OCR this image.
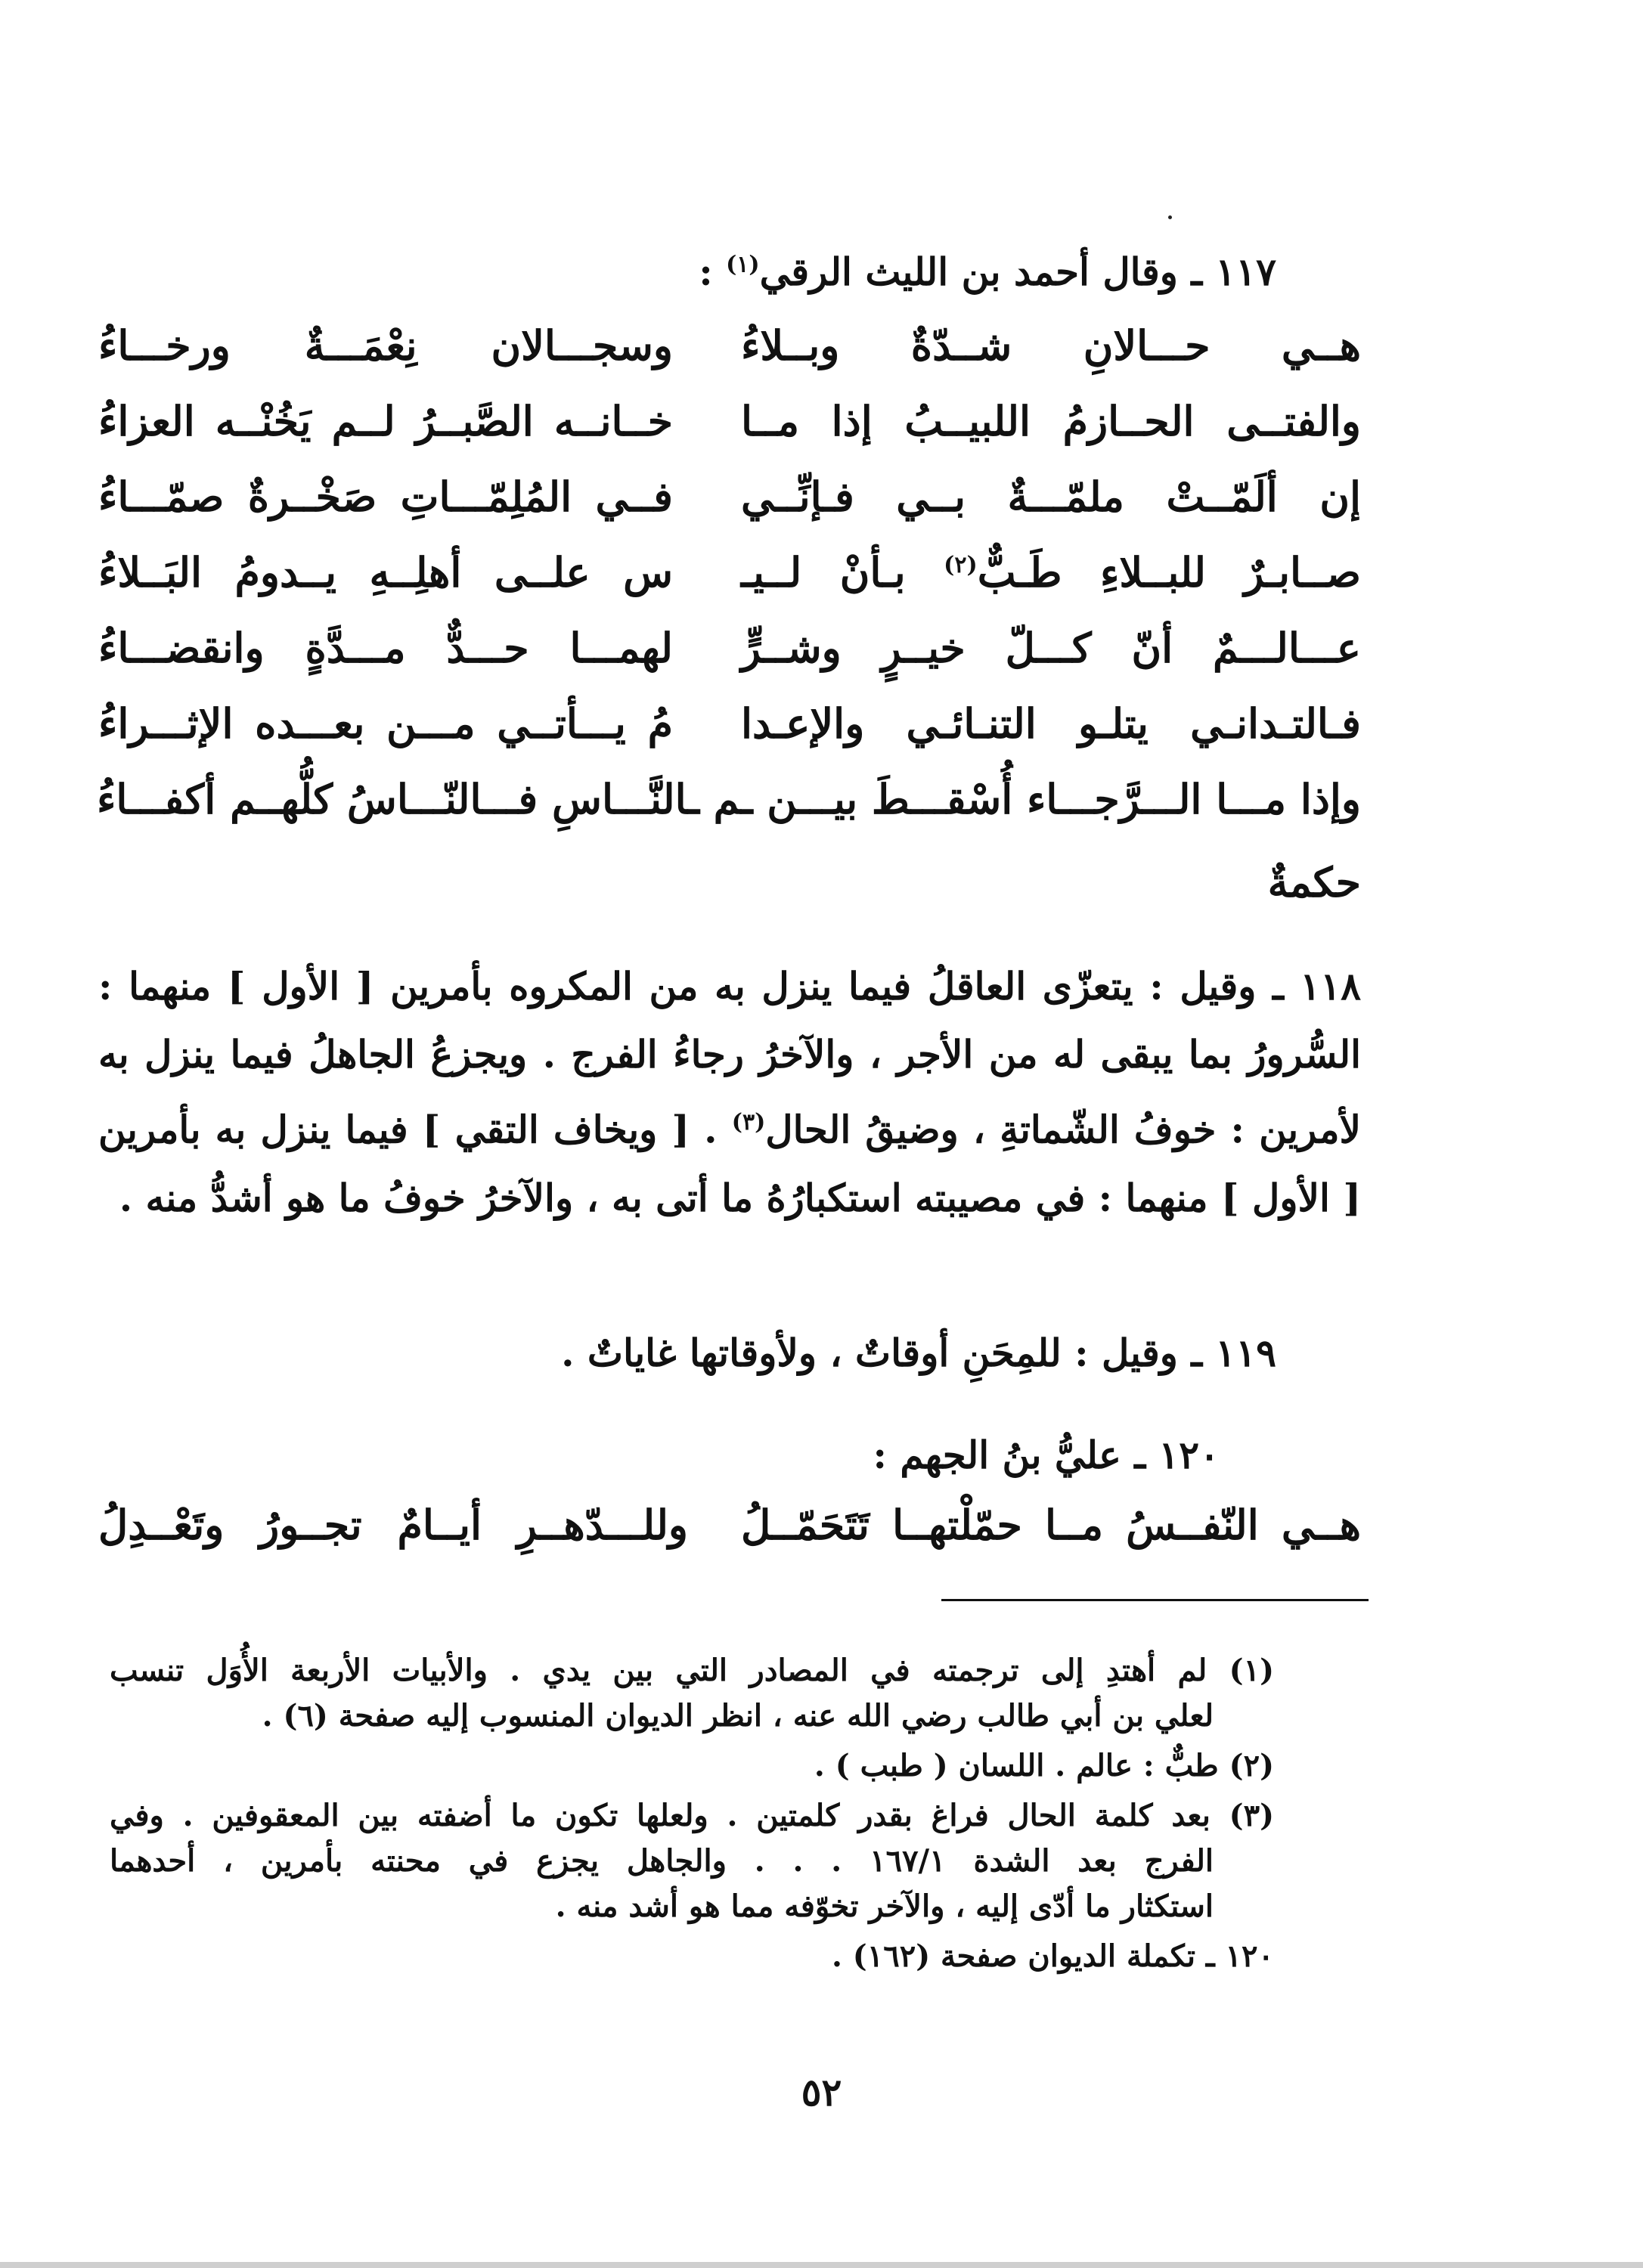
١١٧ ـ وقال أحمد بن الليث الرقي$^{(١)}$ :
هــي حـــالانِ شــدّةٌ وبــلاءُ
وسجـــالان نِعْمَـــةٌ ورخـــاءُ
والفتــى الحــازمُ اللبيــبُ إذا مــا
خــانــه الصَّبــرُ لــم يَخُنْــه العزاءُ
إن ألَمّــتْ ملمّـــةٌ بــي فـإنِّــي
فــي المُلِمّـــاتِ صَخْــرةٌ صمّـــاءُ
صــابـرٌ للبــلاءِ طَـبٌّ$^{(٢)}$ بـأنْ لــيـ
س علــى أهلِــهِ يــدومُ البَــلاءُ
عـــالـــمٌ أنّ كـــلّ خيــرٍ وشــرٍّ
لهمـــا حـــدٌّ مـــدَّةٍ وانقضـــاءُ
فـالتـدانـي يتلـو التنـائـي والإعـدا
مُ يـــأتــي مـــن بعـــده الإثـــراءُ
وإذا مـــا الـــرَّجـــاء أُسْقـــطَ بيـــن ـم ـالنَّـــاسِ فـــالنّـــاسُ كلُّهــم أكفـــاءُ
حكمةٌ
١١٨ ـ وقيل : يتعزّى العاقلُ فيما ينزل به من المكروه بأمرين [ الأول ] منهما : السُّرورُ بما يبقى له من الأجر ، والآخرُ رجاءُ الفرج . ويجزعُ الجاهلُ فيما ينزل به لأمرين : خوفُ الشّماتةِ ، وضيقُ الحال$^{(٣)}$ . [ ويخاف التقي ] فيما ينزل به بأمرين [ الأول ] منهما : في مصيبته استكبارُهُ ما أتى به ، والآخرُ خوفُ ما هو أشدُّ منه .
١١٩ ـ وقيل : للمِحَنِ أوقاتٌ ، ولأوقاتها غاياتٌ .
١٢٠ ـ عليُّ بنُ الجهم :
هــي النّفــسُ مــا حمّلْتهــا تَتَحَمّــلُ
وللـــدّهــرِ أيــامٌ تجــورُ وتَعْــدِلُ
(١) لم أهتدِ إلى ترجمته في المصادر التي بين يدي . والأبيات الأربعة الأُوَل تنسب
لعلي بن أبي طالب رضي الله عنه ، انظر الديوان المنسوب إليه صفحة (٦) .
(٢) طبٌّ : عالم . اللسان ( طبب ) .
(٣) بعد كلمة الحال فراغ بقدر كلمتين . ولعلها تكون ما أضفته بين المعقوفين . وفي
الفرج بعد الشدة ١٦٧/١ . . . والجاهل يجزع في محنته بأمرين ، أحدهما
استكثار ما أدّى إليه ، والآخر تخوّفه مما هو أشد منه .
١٢٠ ـ تكملة الديوان صفحة (١٦٢) .
٥٢
